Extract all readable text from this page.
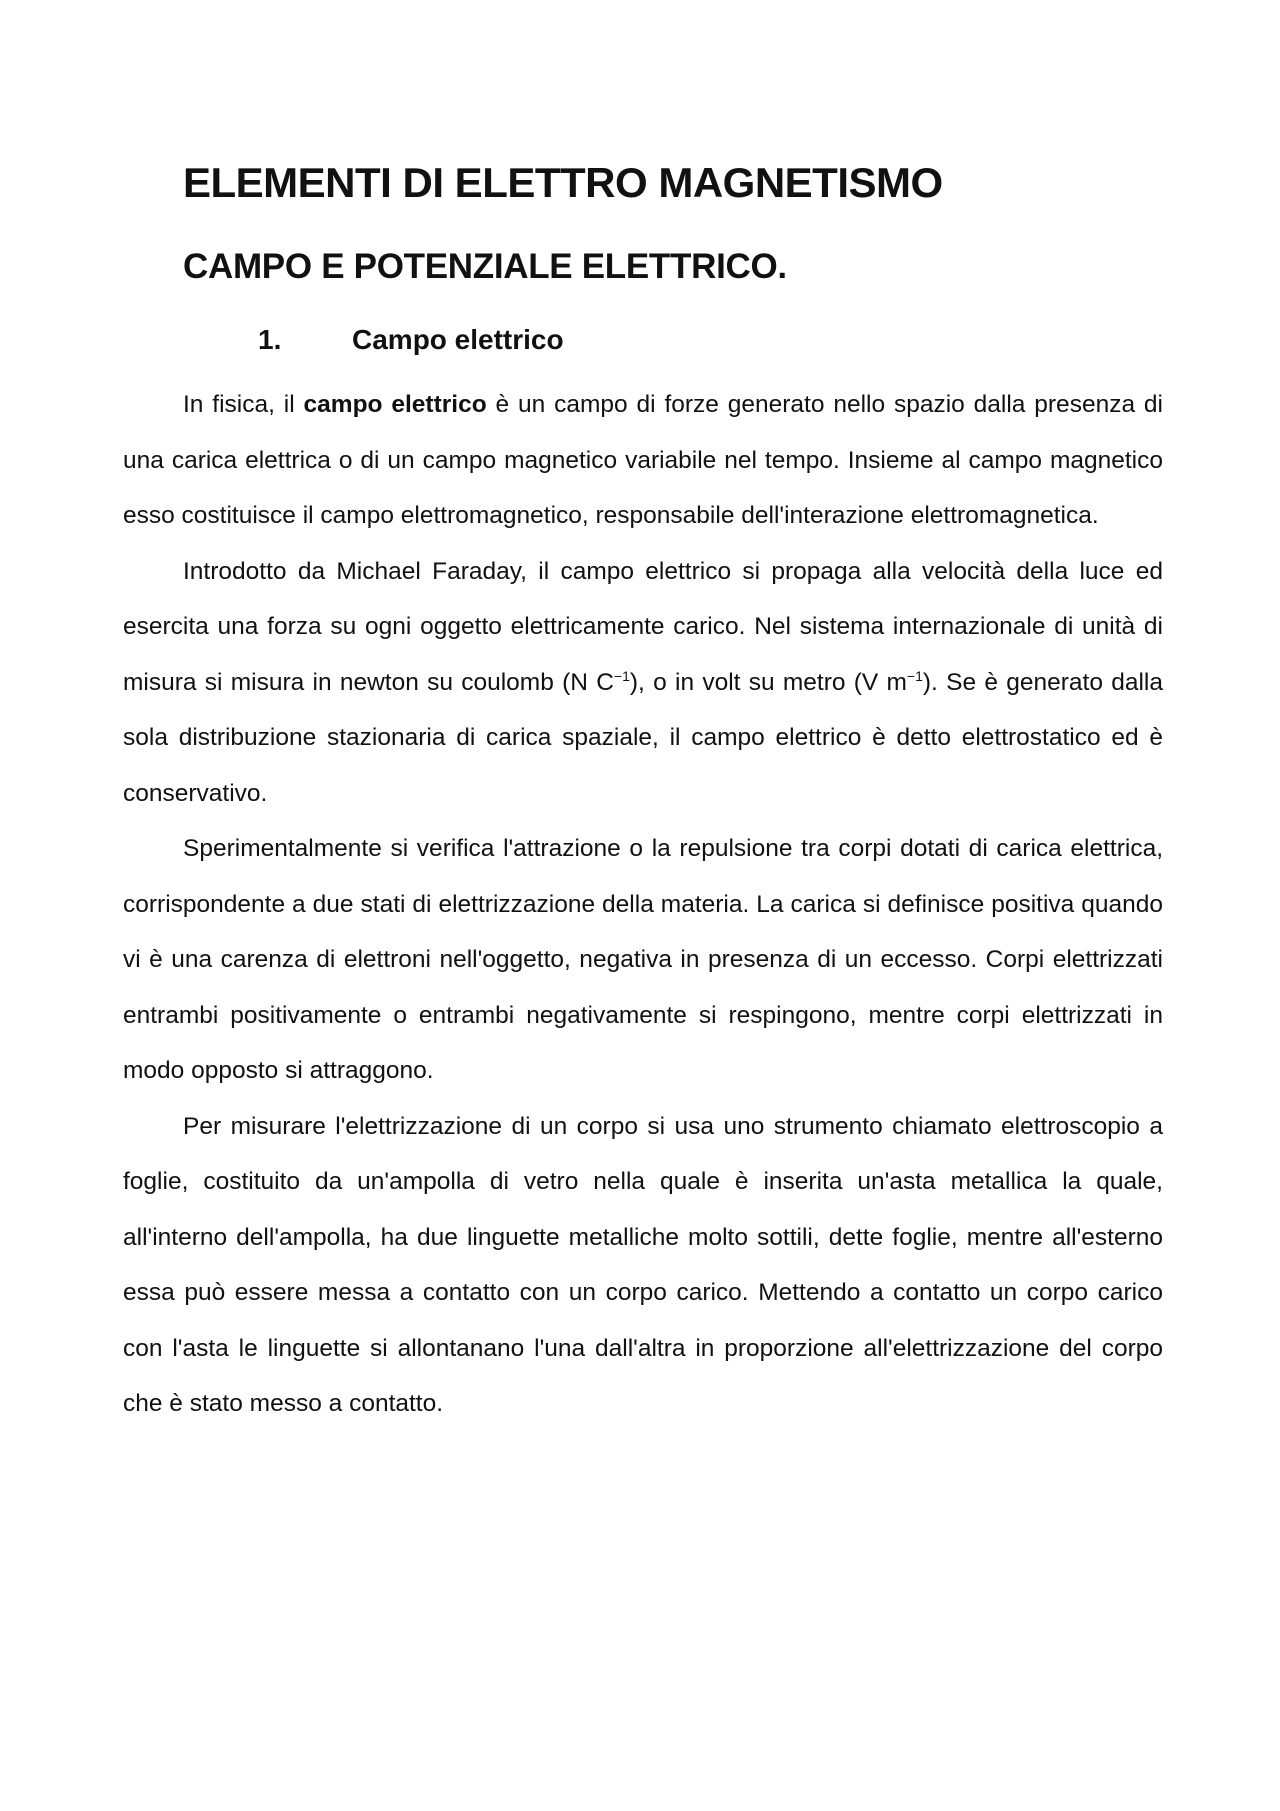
ELEMENTI DI ELETTRO MAGNETISMO
CAMPO E POTENZIALE ELETTRICO.
1.	Campo elettrico

In fisica, il campo elettrico è un campo di forze generato nello spazio dalla presenza di una carica elettrica o di un campo magnetico variabile nel tempo. Insieme al campo magnetico esso costituisce il campo elettromagnetico, responsabile dell'interazione elettromagnetica.

Introdotto da Michael Faraday, il campo elettrico si propaga alla velocità della luce ed esercita una forza su ogni oggetto elettricamente carico. Nel sistema internazionale di unità di misura si misura in newton su coulomb (N $C^{-1}$), o in volt su metro (V $m^{-1}$). Se è generato dalla sola distribuzione stazionaria di carica spaziale, il campo elettrico è detto elettrostatico ed è conservativo.

Sperimentalmente si verifica l'attrazione o la repulsione tra corpi dotati di carica elettrica, corrispondente a due stati di elettrizzazione della materia. La carica si definisce positiva quando vi è una carenza di elettroni nell'oggetto, negativa in presenza di un eccesso. Corpi elettrizzati entrambi positivamente o entrambi negativamente si respingono, mentre corpi elettrizzati in modo opposto si attraggono.

Per misurare l'elettrizzazione di un corpo si usa uno strumento chiamato elettroscopio a foglie, costituito da un'ampolla di vetro nella quale è inserita un'asta metallica la quale, all'interno dell'ampolla, ha due linguette metalliche molto sottili, dette foglie, mentre all'esterno essa può essere messa a contatto con un corpo carico. Mettendo a contatto un corpo carico con l'asta le linguette si allontanano l'una dall'altra in proporzione all'elettrizzazione del corpo che è stato messo a contatto.
